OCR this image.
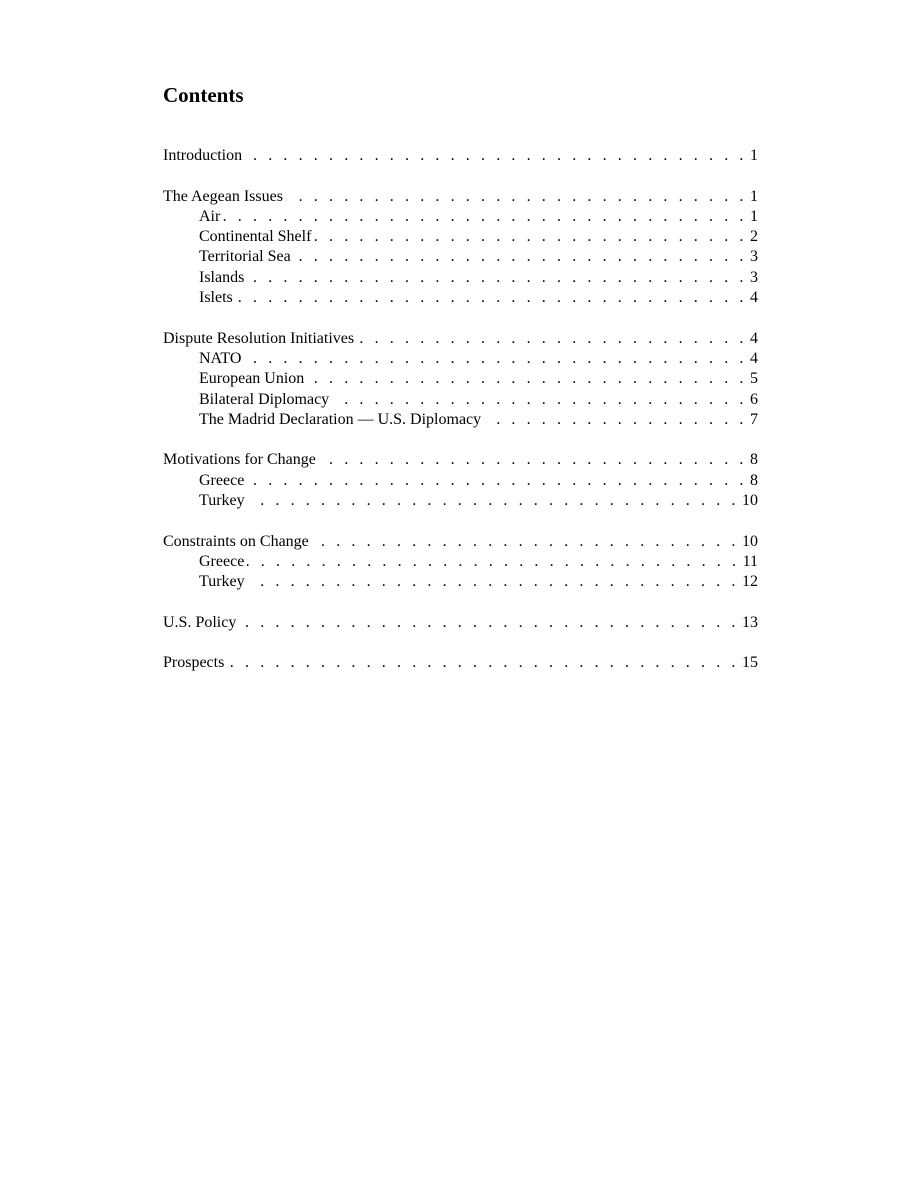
Contents
Introduction . . .	1
The Aegean Issues . . .	1
Air . . .	1
Continental Shelf . . .	2
Territorial Sea . . .	3
Islands . . .	3
Islets . . .	4
Dispute Resolution Initiatives . . .	4
NATO . . .	4
European Union . . .	5
Bilateral Diplomacy . . .	6
The Madrid Declaration — U.S. Diplomacy . . .	7
Motivations for Change . . .	8
Greece . . .	8
Turkey . . .	10
Constraints on Change . . .	10
Greece . . .	11
Turkey . . .	12
U.S. Policy . . .	13
Prospects . . .	15
